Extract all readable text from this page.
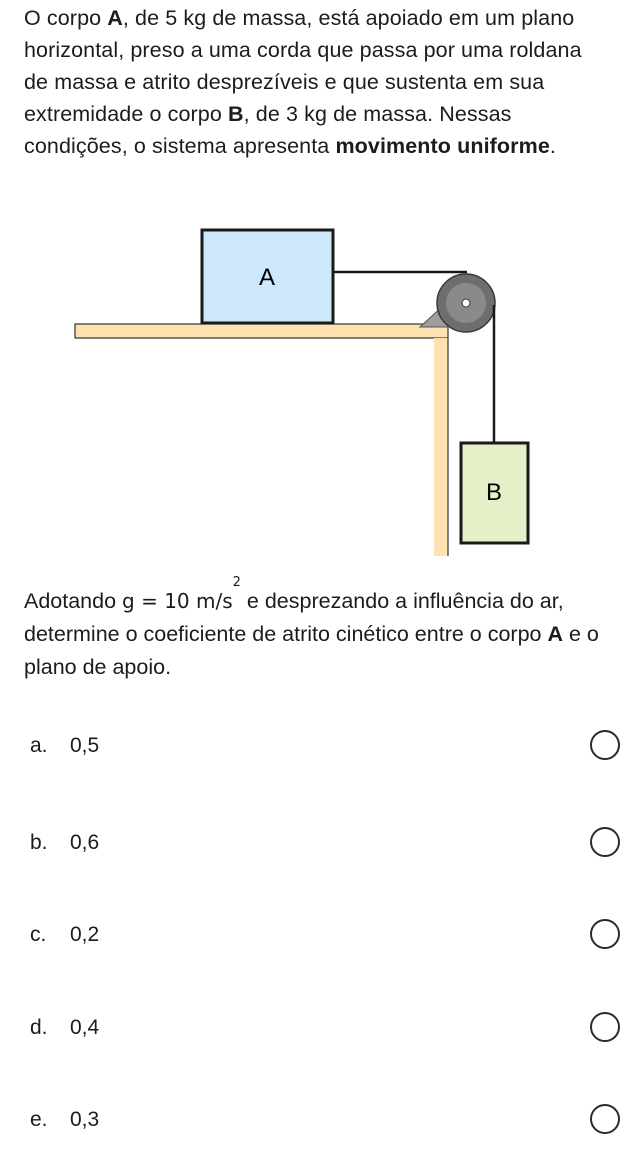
O corpo A, de 5 kg de massa, está apoiado em um plano horizontal, preso a uma corda que passa por uma roldana de massa e atrito desprezíveis e que sustenta em sua extremidade o corpo B, de 3 kg de massa. Nessas condições, o sistema apresenta movimento uniforme.
A
B
Adotando g = 10 $m/s^2$ e desprezando a influência do ar, determine o coeficiente de atrito cinético entre o corpo A e o plano de apoio.
a. 0,5
b. 0,6
c. 0,2
d. 0,4
e. 0,3
